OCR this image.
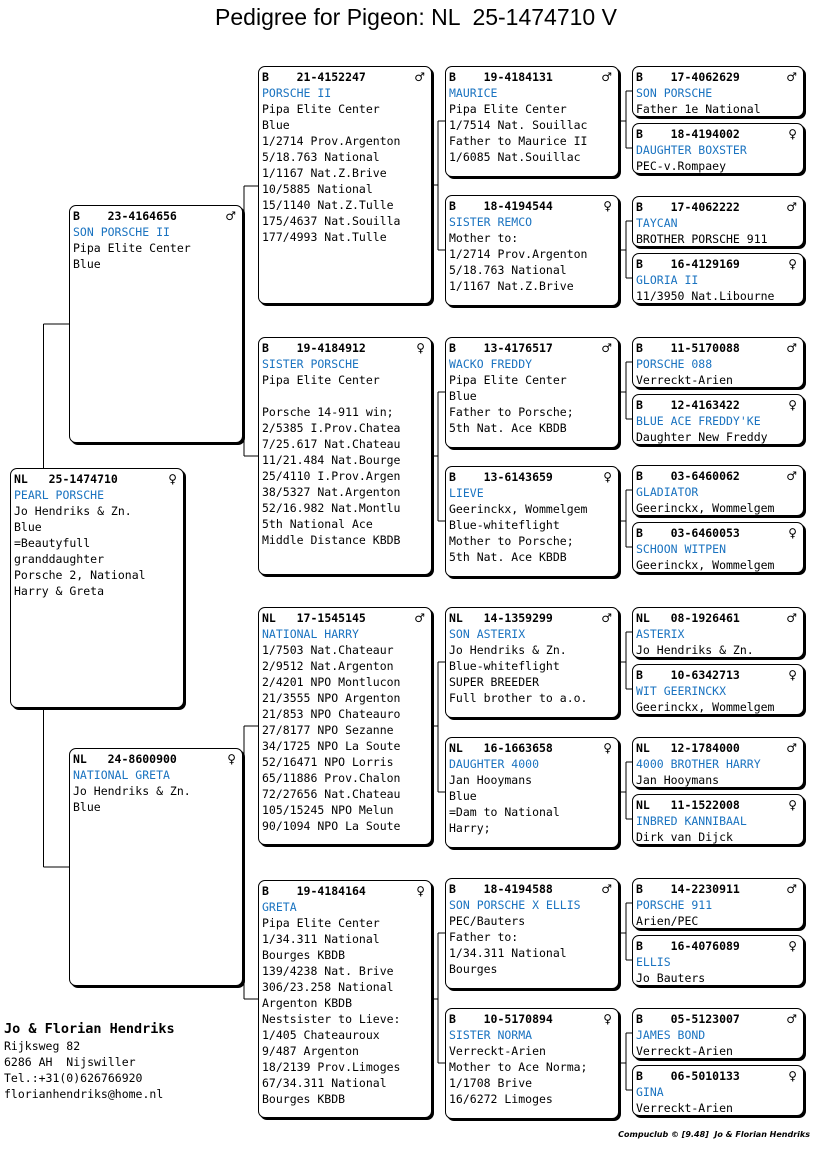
Pedigree for Pigeon: NL  25-1474710 V
NL 25-1474710	♀
PEARL PORSCHE
Jo Hendriks & Zn.
Blue
=Beautyfull
granddaughter
Porsche 2, National
Harry & Greta
B 23-4164656	♂
SON PORSCHE II
Pipa Elite Center
Blue
NL 24-8600900	♀
NATIONAL GRETA
Jo Hendriks & Zn.
Blue
B 21-4152247	♂
PORSCHE II
Pipa Elite Center
Blue
1/2714 Prov.Argenton
5/18.763 National
1/1167 Nat.Z.Brive
10/5885 National
15/1140 Nat.Z.Tulle
175/4637 Nat.Souilla
177/4993 Nat.Tulle
B 19-4184912	♀
SISTER PORSCHE
Pipa Elite Center

Porsche 14-911 win;
2/5385 I.Prov.Chatea
7/25.617 Nat.Chateau
11/21.484 Nat.Bourge
25/4110 I.Prov.Argen
38/5327 Nat.Argenton
52/16.982 Nat.Montlu
5th National Ace
Middle Distance KBDB
NL 17-1545145	♂
NATIONAL HARRY
1/7503 Nat.Chateaur
2/9512 Nat.Argenton
2/4201 NPO Montlucon
21/3555 NPO Argenton
21/853 NPO Chateauro
27/8177 NPO Sezanne
34/1725 NPO La Soute
52/16471 NPO Lorris
65/11886 Prov.Chalon
72/27656 Nat.Chateau
105/15245 NPO Melun
90/1094 NPO La Soute
B 19-4184164	♀
GRETA
Pipa Elite Center
1/34.311 National
Bourges KBDB
139/4238 Nat. Brive
306/23.258 National
Argenton KBDB
Nestsister to Lieve:
1/405 Chateauroux
9/487 Argenton
18/2139 Prov.Limoges
67/34.311 National
Bourges KBDB
B 19-4184131	♂
MAURICE
Pipa Elite Center
1/7514 Nat. Souillac
Father to Maurice II
1/6085 Nat.Souillac
B 18-4194544	♀
SISTER REMCO
Mother to:
1/2714 Prov.Argenton
5/18.763 National
1/1167 Nat.Z.Brive
B 13-4176517	♂
WACKO FREDDY
Pipa Elite Center
Blue
Father to Porsche;
5th Nat. Ace KBDB
B 13-6143659	♀
LIEVE
Geerinckx, Wommelgem
Blue-whiteflight
Mother to Porsche;
5th Nat. Ace KBDB
NL 14-1359299	♂
SON ASTERIX
Jo Hendriks & Zn.
Blue-whiteflight
SUPER BREEDER
Full brother to a.o.
NL 16-1663658	♀
DAUGHTER 4000
Jan Hooymans
Blue
=Dam to National
Harry;
B 18-4194588	♂
SON PORSCHE X ELLIS
PEC/Bauters
Father to:
1/34.311 National
Bourges
B 10-5170894	♀
SISTER NORMA
Verreckt-Arien
Mother to Ace Norma;
1/1708 Brive
16/6272 Limoges
B 17-4062629	♂
SON PORSCHE
Father 1e National
B 18-4194002	♀
DAUGHTER BOXSTER
PEC-v.Rompaey
B 17-4062222	♂
TAYCAN
BROTHER PORSCHE 911
B 16-4129169	♀
GLORIA II
11/3950 Nat.Libourne
B 11-5170088	♂
PORSCHE 088
Verreckt-Arien
B 12-4163422	♀
BLUE ACE FREDDY'KE
Daughter New Freddy
B 03-6460062	♂
GLADIATOR
Geerinckx, Wommelgem
B 03-6460053	♀
SCHOON WITPEN
Geerinckx, Wommelgem
NL 08-1926461	♂
ASTERIX
Jo Hendriks & Zn.
B 10-6342713	♀
WIT GEERINCKX
Geerinckx, Wommelgem
NL 12-1784000	♂
4000 BROTHER HARRY
Jan Hooymans
NL 11-1522008	♀
INBRED KANNIBAAL
Dirk van Dijck
B 14-2230911	♂
PORSCHE 911
Arien/PEC
B 16-4076089	♀
ELLIS
Jo Bauters
B 05-5123007	♂
JAMES BOND
Verreckt-Arien
B 06-5010133	♀
GINA
Verreckt-Arien
Jo & Florian Hendriks
Rijksweg 82
6286 AH  Nijswiller
Tel.:+31(0)626766920
florianhendriks@home.nl
Compuclub © [9.48]  Jo & Florian Hendriks
